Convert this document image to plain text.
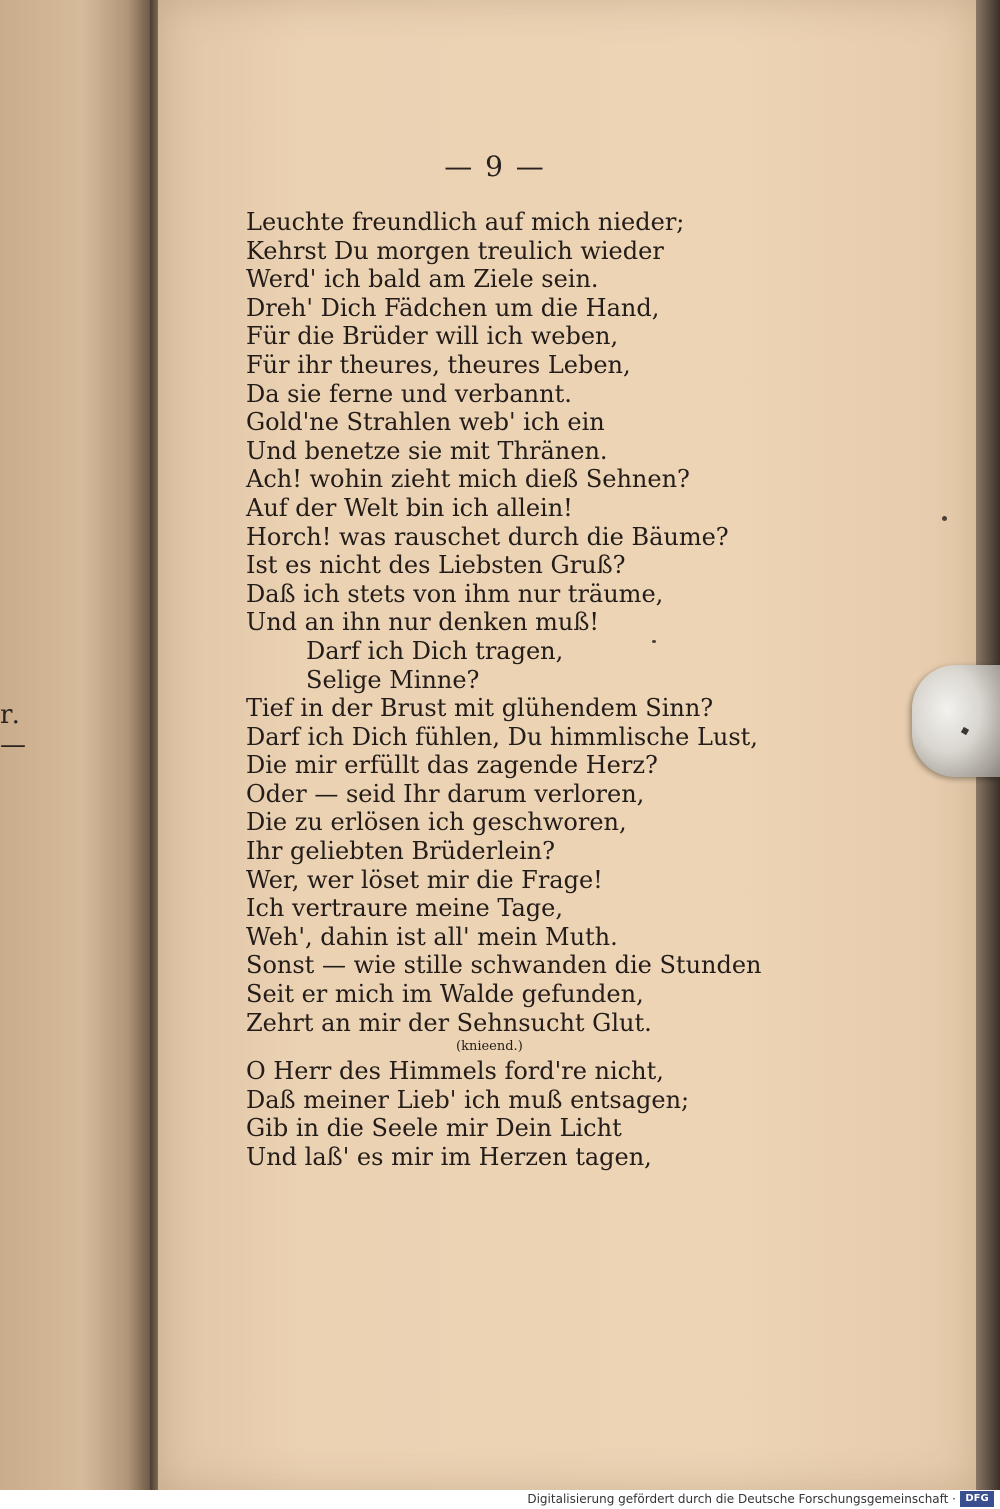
r. —
— 9 —
Leuchte freundlich auf mich nieder;
Kehrst Du morgen treulich wieder
Werd' ich bald am Ziele sein.
Dreh' Dich Fädchen um die Hand,
Für die Brüder will ich weben,
Für ihr theures, theures Leben,
Da sie ferne und verbannt.
Gold'ne Strahlen web' ich ein
Und benetze sie mit Thränen.
Ach! wohin zieht mich dieß Sehnen?
Auf der Welt bin ich allein!
Horch! was rauschet durch die Bäume?
Ist es nicht des Liebsten Gruß?
Daß ich stets von ihm nur träume,
Und an ihn nur denken muß!
Darf ich Dich tragen,
Selige Minne?
Tief in der Brust mit glühendem Sinn?
Darf ich Dich fühlen, Du himmlische Lust,
Die mir erfüllt das zagende Herz?
Oder — seid Ihr darum verloren,
Die zu erlösen ich geschworen,
Ihr geliebten Brüderlein?
Wer, wer löset mir die Frage!
Ich vertraure meine Tage,
Weh', dahin ist all' mein Muth.
Sonst — wie stille schwanden die Stunden
Seit er mich im Walde gefunden,
Zehrt an mir der Sehnsucht Glut.
(knieend.)
O Herr des Himmels ford're nicht,
Daß meiner Lieb' ich muß entsagen;
Gib in die Seele mir Dein Licht
Und laß' es mir im Herzen tagen,
Digitalisierung gefördert durch die Deutsche Forschungsgemeinschaft · DFG
